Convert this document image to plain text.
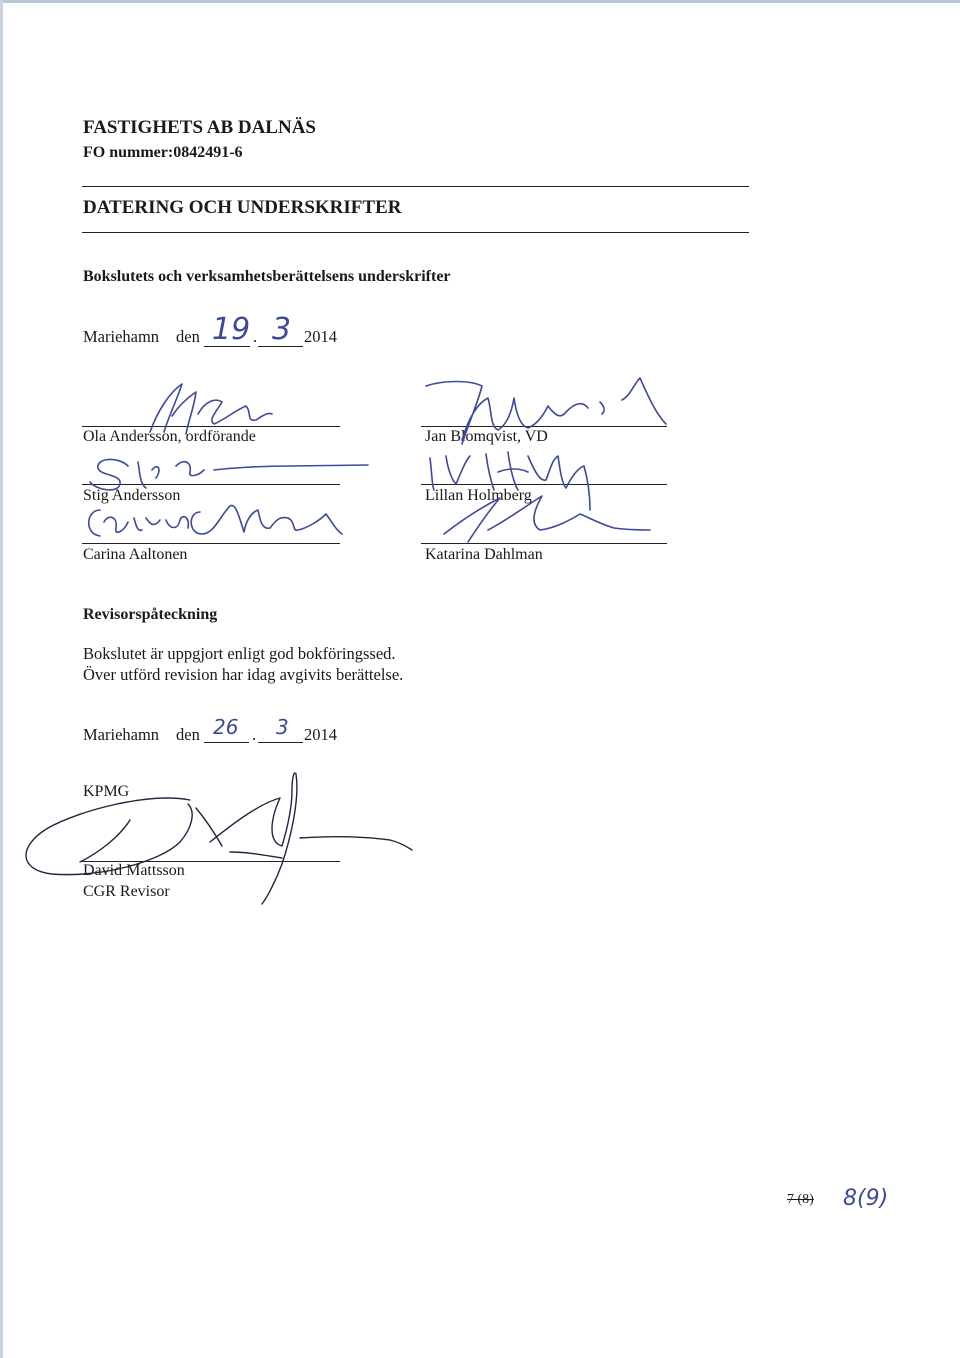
FASTIGHETS AB DALNÄS
FO nummer:0842491-6
DATERING OCH UNDERSKRIFTER
Bokslutets och verksamhetsberättelsens underskrifter
Mariehamn den 19 . 3 2014
Ola Andersson, ordförande	Jan Blomqvist, VD
Stig Andersson	Lillan Holmberg
Carina Aaltonen	Katarina Dahlman
Revisorspåteckning
Bokslutet är uppgjort enligt god bokföringssed.
Över utförd revision har idag avgivits berättelse.
Mariehamn den 26 . 3 2014
KPMG
David Mattsson
CGR Revisor
7 (8) 8(9)
